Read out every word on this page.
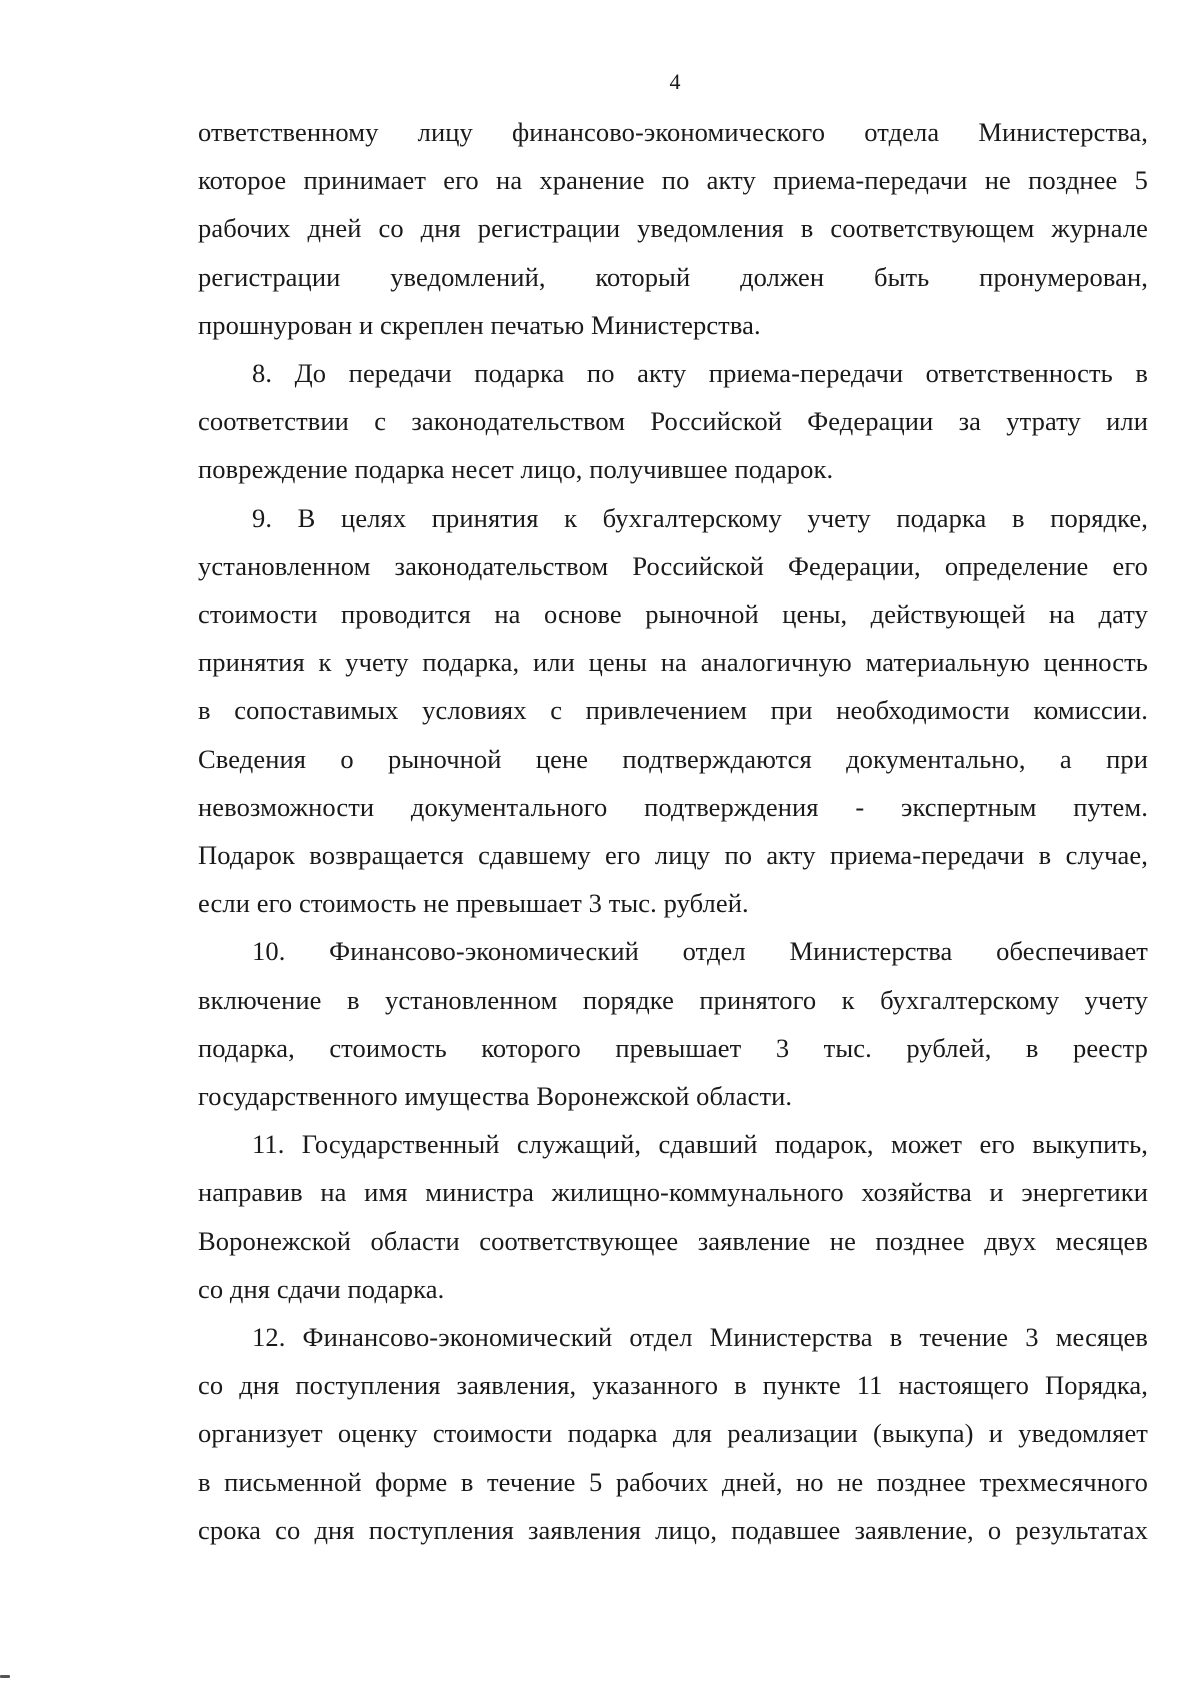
4

ответственному лицу финансово-экономического отдела Министерства,
которое принимает его на хранение по акту приема-передачи не позднее 5
рабочих дней со дня регистрации уведомления в соответствующем журнале
регистрации уведомлений, который должен быть пронумерован,
прошнурован и скреплен печатью Министерства.

8. До передачи подарка по акту приема-передачи ответственность в
соответствии с законодательством Российской Федерации за утрату или
повреждение подарка несет лицо, получившее подарок.

9. В целях принятия к бухгалтерскому учету подарка в порядке,
установленном законодательством Российской Федерации, определение его
стоимости проводится на основе рыночной цены, действующей на дату
принятия к учету подарка, или цены на аналогичную материальную ценность
в сопоставимых условиях с привлечением при необходимости комиссии.
Сведения о рыночной цене подтверждаются документально, а при
невозможности документального подтверждения - экспертным путем.
Подарок возвращается сдавшему его лицу по акту приема-передачи в случае,
если его стоимость не превышает 3 тыс. рублей.

10. Финансово-экономический отдел Министерства обеспечивает
включение в установленном порядке принятого к бухгалтерскому учету
подарка, стоимость которого превышает 3 тыс. рублей, в реестр
государственного имущества Воронежской области.

11. Государственный служащий, сдавший подарок, может его выкупить,
направив на имя министра жилищно-коммунального хозяйства и энергетики
Воронежской области соответствующее заявление не позднее двух месяцев
со дня сдачи подарка.

12. Финансово-экономический отдел Министерства в течение 3 месяцев
со дня поступления заявления, указанного в пункте 11 настоящего Порядка,
организует оценку стоимости подарка для реализации (выкупа) и уведомляет
в письменной форме в течение 5 рабочих дней, но не позднее трехмесячного
срока со дня поступления заявления лицо, подавшее заявление, о результатах
